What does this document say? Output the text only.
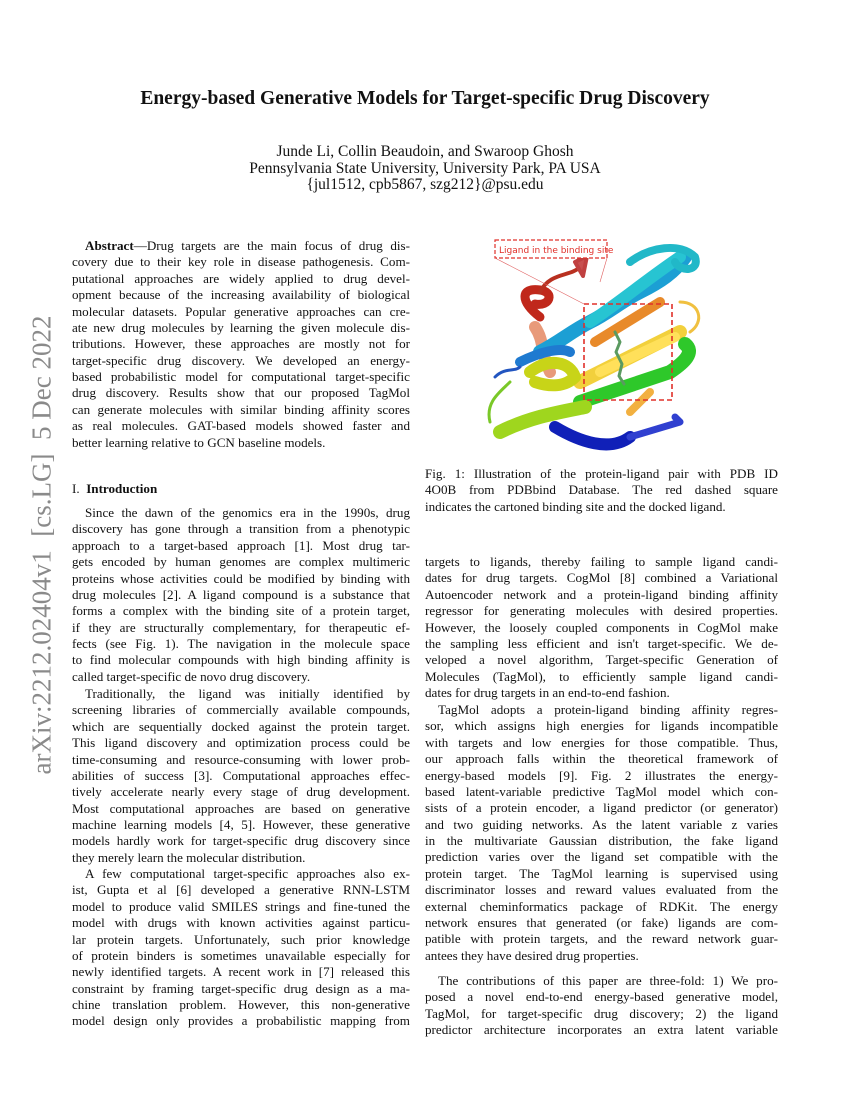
Energy-based Generative Models for Target-specific Drug Discovery
Junde Li, Collin Beaudoin, and Swaroop Ghosh
Pennsylvania State University, University Park, PA USA
{jul1512, cpb5867, szg212}@psu.edu
arXiv:2212.02404v1  [cs.LG]  5 Dec 2022 I. Introduction
Abstract—Drug targets are the main focus of drug dis-
covery due to their key role in disease pathogenesis. Com-
putational approaches are widely applied to drug devel-
opment because of the increasing availability of biological
molecular datasets. Popular generative approaches can cre-
ate new drug molecules by learning the given molecule dis-
tributions. However, these approaches are mostly not for
target-specific drug discovery. We developed an energy-
based probabilistic model for computational target-specific
drug discovery. Results show that our proposed TagMol
can generate molecules with similar binding affinity scores
as real molecules. GAT-based models showed faster and
better learning relative to GCN baseline models.
Since the dawn of the genomics era in the 1990s, drug
discovery has gone through a transition from a phenotypic
approach to a target-based approach [1]. Most drug tar-
gets encoded by human genomes are complex multimeric
proteins whose activities could be modified by binding with
drug molecules [2]. A ligand compound is a substance that
forms a complex with the binding site of a protein target,
if they are structurally complementary, for therapeutic ef-
fects (see Fig. 1). The navigation in the molecule space
to find molecular compounds with high binding affinity is
called target-specific de novo drug discovery.
Traditionally, the ligand was initially identified by
screening libraries of commercially available compounds,
which are sequentially docked against the protein target.
This ligand discovery and optimization process could be
time-consuming and resource-consuming with lower prob-
abilities of success [3]. Computational approaches effec-
tively accelerate nearly every stage of drug development.
Most computational approaches are based on generative
machine learning models [4, 5]. However, these generative
models hardly work for target-specific drug discovery since
they merely learn the molecular distribution.
A few computational target-specific approaches also ex-
ist, Gupta et al [6] developed a generative RNN-LSTM
model to produce valid SMILES strings and fine-tuned the
model with drugs with known activities against particu-
lar protein targets. Unfortunately, such prior knowledge
of protein binders is sometimes unavailable especially for
newly identified targets. A recent work in [7] released this
constraint by framing target-specific drug design as a ma-
chine translation problem. However, this non-generative
model design only provides a probabilistic mapping from
targets to ligands, thereby failing to sample ligand candi-
dates for drug targets. CogMol [8] combined a Variational
Autoencoder network and a protein-ligand binding affinity
regressor for generating molecules with desired properties.
However, the loosely coupled components in CogMol make
the sampling less efficient and isn't target-specific. We de-
veloped a novel algorithm, Target-specific Generation of
Molecules (TagMol), to efficiently sample ligand candi-
dates for drug targets in an end-to-end fashion.
TagMol adopts a protein-ligand binding affinity regres-
sor, which assigns high energies for ligands incompatible
with targets and low energies for those compatible. Thus,
our approach falls within the theoretical framework of
energy-based models [9]. Fig. 2 illustrates the energy-
based latent-variable predictive TagMol model which con-
sists of a protein encoder, a ligand predictor (or generator)
and two guiding networks. As the latent variable z varies
in the multivariate Gaussian distribution, the fake ligand
prediction varies over the ligand set compatible with the
protein target. The TagMol learning is supervised using
discriminator losses and reward values evaluated from the
external cheminformatics package of RDKit. The energy
network ensures that generated (or fake) ligands are com-
patible with protein targets, and the reward network guar-
antees they have desired drug properties.
The contributions of this paper are three-fold: 1) We pro-
posed a novel end-to-end energy-based generative model,
TagMol, for target-specific drug discovery; 2) the ligand
predictor architecture incorporates an extra latent variable
Ligand in the binding site
Fig. 1: Illustration of the protein-ligand pair with PDB ID
4O0B from PDBbind Database. The red dashed square
indicates the cartoned binding site and the docked ligand.
